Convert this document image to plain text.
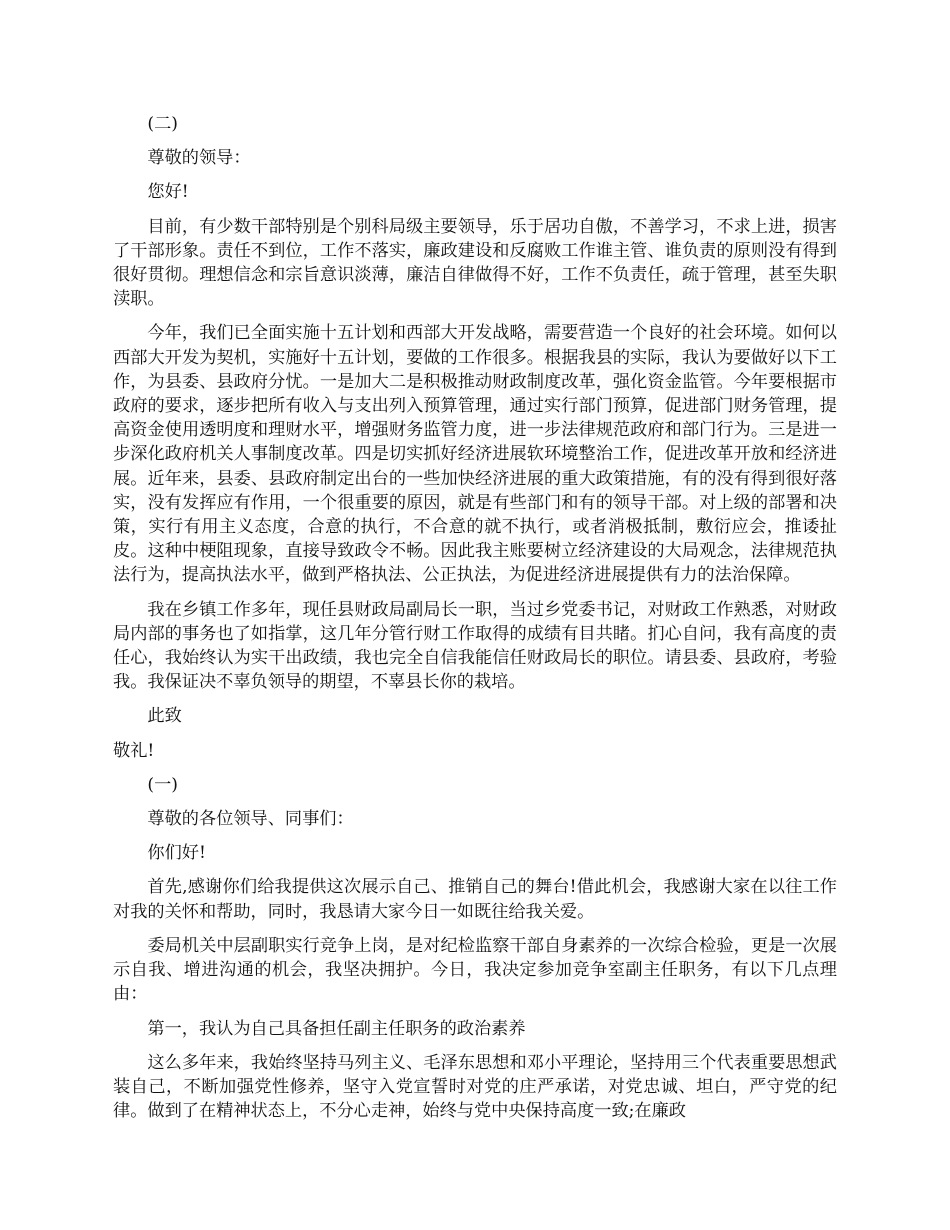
(二)

尊敬的领导：

您好!

目前，有少数干部特别是个别科局级主要领导，乐于居功自傲，不善学习，不求上进，损害了干部形象。责任不到位，工作不落实，廉政建设和反腐败工作谁主管、谁负责的原则没有得到很好贯彻。理想信念和宗旨意识淡薄，廉洁自律做得不好，工作不负责任，疏于管理，甚至失职渎职。

今年，我们已全面实施十五计划和西部大开发战略，需要营造一个良好的社会环境。如何以西部大开发为契机，实施好十五计划，要做的工作很多。根据我县的实际，我认为要做好以下工作，为县委、县政府分忧。一是加大二是积极推动财政制度改革，强化资金监管。今年要根据市政府的要求，逐步把所有收入与支出列入预算管理，通过实行部门预算，促进部门财务管理，提高资金使用透明度和理财水平，增强财务监管力度，进一步法律规范政府和部门行为。三是进一步深化政府机关人事制度改革。四是切实抓好经济进展软环境整治工作，促进改革开放和经济进展。近年来，县委、县政府制定出台的一些加快经济进展的重大政策措施，有的没有得到很好落实，没有发挥应有作用，一个很重要的原因，就是有些部门和有的领导干部。对上级的部署和决策，实行有用主义态度，合意的执行，不合意的就不执行，或者消极抵制，敷衍应会，推诿扯皮。这种中梗阻现象，直接导致政令不畅。因此我主账要树立经济建设的大局观念，法律规范执法行为，提高执法水平，做到严格执法、公正执法，为促进经济进展提供有力的法治保障。

我在乡镇工作多年，现任县财政局副局长一职，当过乡党委书记，对财政工作熟悉，对财政局内部的事务也了如指掌，这几年分管行财工作取得的成绩有目共睹。扪心自问，我有高度的责任心，我始终认为实干出政绩，我也完全自信我能信任财政局长的职位。请县委、县政府，考验我。我保证决不辜负领导的期望，不辜县长你的栽培。

此致

敬礼!

(一)

尊敬的各位领导、同事们：

你们好!

首先,感谢你们给我提供这次展示自己、推销自己的舞台!借此机会，我感谢大家在以往工作对我的关怀和帮助，同时，我恳请大家今日一如既往给我关爱。

委局机关中层副职实行竞争上岗，是对纪检监察干部自身素养的一次综合检验，更是一次展示自我、增进沟通的机会，我坚决拥护。今日，我决定参加竞争室副主任职务，有以下几点理由：

第一，我认为自己具备担任副主任职务的政治素养

这么多年来，我始终坚持马列主义、毛泽东思想和邓小平理论，坚持用三个代表重要思想武装自己，不断加强党性修养，坚守入党宣誓时对党的庄严承诺，对党忠诚、坦白，严守党的纪律。做到了在精神状态上，不分心走神，始终与党中央保持高度一致;在廉政
